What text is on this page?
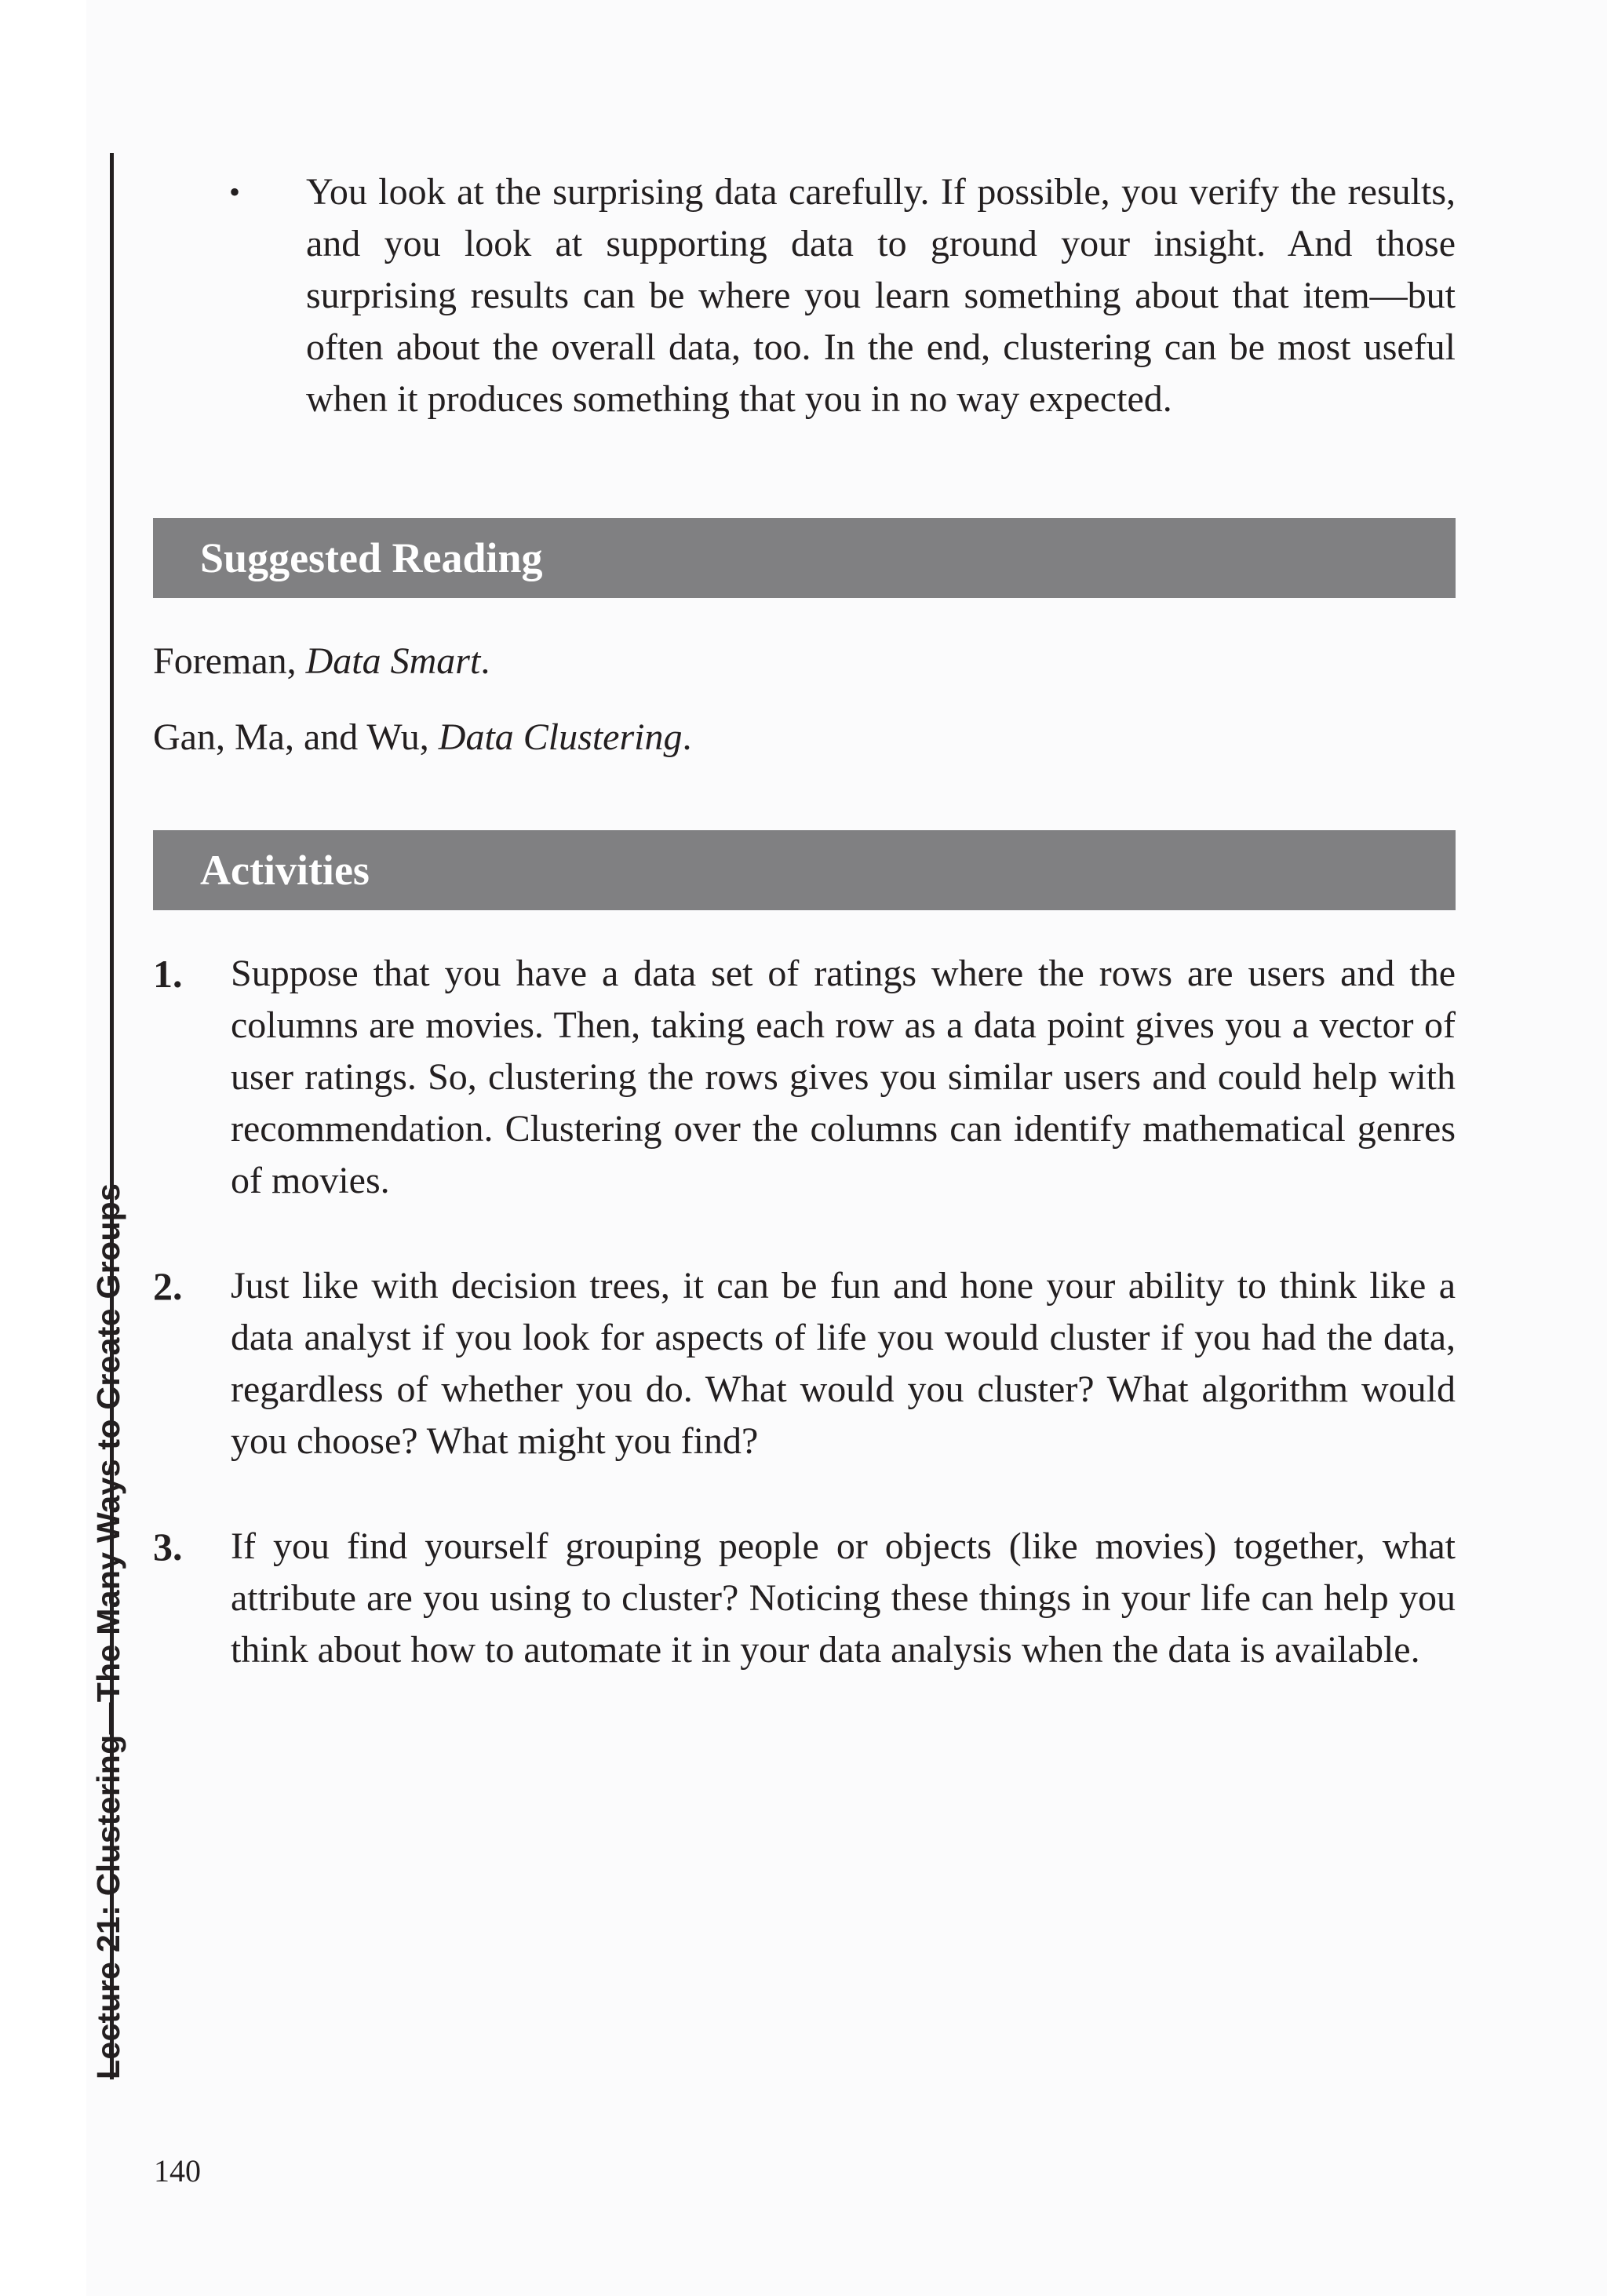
Lecture 21: Clustering—The Many Ways to Create Groups
• You look at the surprising data carefully. If possible, you verify the results, and you look at supporting data to ground your insight. And those surprising results can be where you learn something about that item—but often about the overall data, too. In the end, clustering can be most useful when it produces something that you in no way expected.
Suggested Reading
Foreman, Data Smart.
Gan, Ma, and Wu, Data Clustering.
Activities
1. Suppose that you have a data set of ratings where the rows are users and the columns are movies. Then, taking each row as a data point gives you a vector of user ratings. So, clustering the rows gives you similar users and could help with recommendation. Clustering over the columns can identify mathematical genres of movies.
2. Just like with decision trees, it can be fun and hone your ability to think like a data analyst if you look for aspects of life you would cluster if you had the data, regardless of whether you do. What would you cluster? What algorithm would you choose? What might you find?
3. If you find yourself grouping people or objects (like movies) together, what attribute are you using to cluster? Noticing these things in your life can help you think about how to automate it in your data analysis when the data is available.
140
